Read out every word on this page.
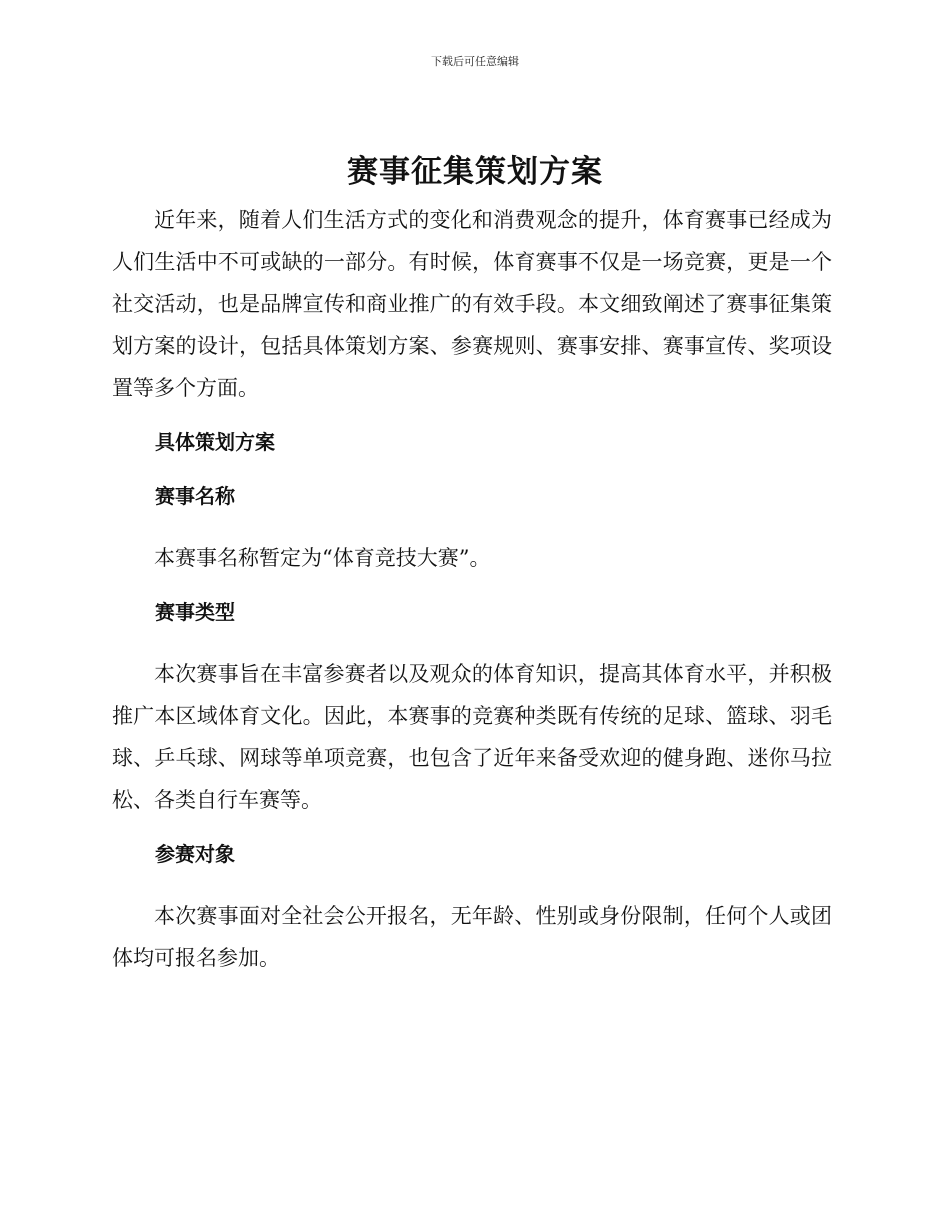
下载后可任意编辑
赛事征集策划方案

近年来，随着人们生活方式的变化和消费观念的提升，体育赛事已经成为人们生活中不可或缺的一部分。有时候，体育赛事不仅是一场竞赛，更是一个社交活动，也是品牌宣传和商业推广的有效手段。本文细致阐述了赛事征集策划方案的设计，包括具体策划方案、参赛规则、赛事安排、赛事宣传、奖项设置等多个方面。

具体策划方案
赛事名称

本赛事名称暂定为“体育竞技大赛”。

赛事类型

本次赛事旨在丰富参赛者以及观众的体育知识，提高其体育水平，并积极推广本区域体育文化。因此，本赛事的竞赛种类既有传统的足球、篮球、羽毛球、乒乓球、网球等单项竞赛，也包含了近年来备受欢迎的健身跑、迷你马拉松、各类自行车赛等。

参赛对象

本次赛事面对全社会公开报名，无年龄、性别或身份限制，任何个人或团体均可报名参加。
